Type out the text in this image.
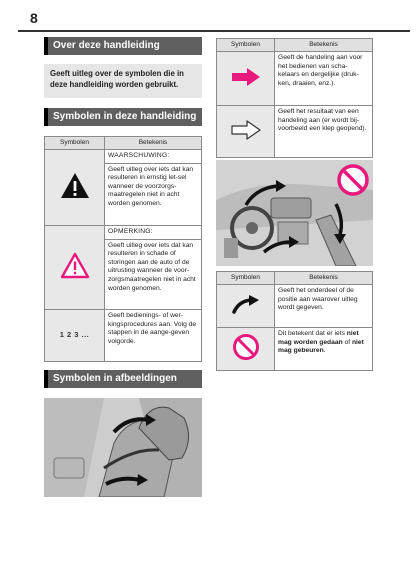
8
Over deze handleiding
Geeft uitleg over de symbolen die in deze handleiding worden gebruikt.
Symbolen in deze handleiding
Symbolen	Betekenis

WAARSCHUWING:
Geeft uitleg over iets dat kan resulteren in ernstig let-sel wanneer de voorzorgs-maatregelen niet in acht worden genomen.

OPMERKING:
Geeft uitleg over iets dat kan resulteren in schade of storingen aan de auto of de uitrusting wanneer de voor-zorgsmaatregelen niet in acht worden genomen.
1 2 3 ...	Geeft bedienings- of wer-kingsprocedures aan. Volg de stappen in de aange-geven volgorde.
Symbolen in afbeeldingen
Symbolen	Betekenis
	Geeft de handeling aan voor het bedienen van scha-kelaars en dergelijke (druk-ken, draaien, enz.).
	Geeft het resultaat van een handeling aan (er wordt bij-voorbeeld een klep geopend).
Symbolen	Betekenis
	Geeft het onderdeel of de positie aan waarover uitleg wordt gegeven.
	Dit betekent dat er iets niet mag worden gedaan of niet mag gebeuren.
